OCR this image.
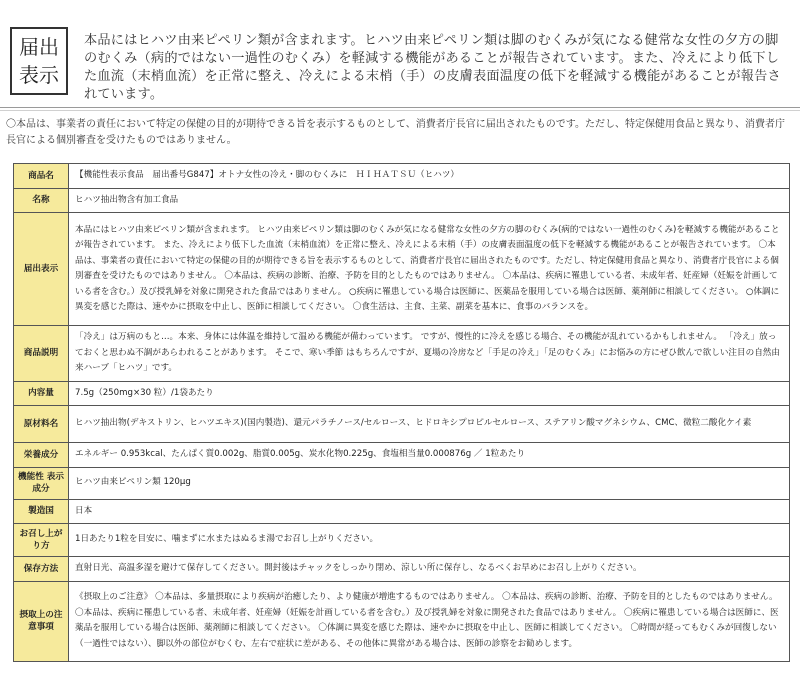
届出
表示
本品にはヒハツ由来ピペリン類が含まれます。ヒハツ由来ピペリン類は脚のむくみが気になる健常な女性の夕方の脚のむくみ（病的ではない一過性のむくみ）を軽減する機能があることが報告されています。また、冷えにより低下した血流（末梢血流）を正常に整え、冷えによる末梢（手）の皮膚表面温度の低下を軽減する機能があることが報告されています。
〇本品は、事業者の責任において特定の保健の目的が期待できる旨を表示するものとして、消費者庁長官に届出されたものです。ただし、特定保健用食品と異なり、消費者庁長官による個別審査を受けたものではありません。
商品名	【機能性表示食品　届出番号G847】オトナ女性の冷え・脚のむくみに　ＨＩＨＡＴＳＵ（ヒハツ）
名称	ヒハツ抽出物含有加工食品
届出表示	本品にはヒハツ由来ピペリン類が含まれます。 ヒハツ由来ピペリン類は脚のむくみが気になる健常な女性の夕方の脚のむくみ(病的ではない一過性のむくみ)を軽減する機能があることが報告されています。 また、冷えにより低下した血流（末梢血流）を正常に整え、冷えによる末梢（手）の皮膚表面温度の低下を軽減する機能があることが報告されています。 〇本品は、事業者の責任において特定の保健の目的が期待できる旨を表示するものとして、消費者庁長官に届出されたものです。ただし、特定保健用食品と異なり、消費者庁長官による個別審査を受けたものではありません。 〇本品は、疾病の診断、治療、予防を目的としたものではありません。 〇本品は、疾病に罹患している者、未成年者、妊産婦（妊娠を計画している者を含む。）及び授乳婦を対象に開発された食品ではありません。 ○疾病に罹患している場合は医師に、医薬品を服用している場合は医師、薬剤師に相談してください。 ○体調に異変を感じた際は、速やかに摂取を中止し、医師に相談してください。 〇食生活は、主食、主菜、副菜を基本に、食事のバランスを。
商品説明	「冷え」は万病のもと…。本来、身体には体温を維持して温める機能が備わっています。 ですが、慢性的に冷えを感じる場合、その機能が乱れているかもしれません。 「冷え」放っておくと思わぬ不調があらわれることがあります。 そこで、寒い季節 はもちろんですが、夏場の冷房など「手足の冷え」「足のむくみ」にお悩みの方にぜひ飲んで欲しい注目の自然由来ハーブ「ヒハツ」です。
内容量	7.5g（250mg×30 粒）/1袋あたり
原材料名	ヒハツ抽出物(デキストリン、ヒハツエキス)(国内製造)、還元パラチノース/セルロース、ヒドロキシプロピルセルロース、ステアリン酸マグネシウム、CMC、微粒二酸化ケイ素
栄養成分	エネルギー 0.953kcal、たんぱく質0.002g、脂質0.005g、炭水化物0.225g、食塩相当量0.000876g ／ 1粒あたり
機能性 表示成分	ヒハツ由来ピペリン類 120μg
製造国	日本
お召し上がり方	1日あたり1粒を目安に、噛まずに水またはぬるま湯でお召し上がりください。
保存方法	直射日光、高温多湿を避けて保存してください。開封後はチャックをしっかり閉め、涼しい所に保存し、なるべくお早めにお召し上がりください。
摂取上の注意事項	《摂取上のご注意》 〇本品は、多量摂取により疾病が治癒したり、より健康が増進するものではありません。 〇本品は、疾病の診断、治療、予防を目的としたものではありません。 〇本品は、疾病に罹患している者、未成年者、妊産婦（妊娠を計画している者を含む。）及び授乳婦を対象に開発された食品ではありません。 〇疾病に罹患している場合は医師に、医薬品を服用している場合は医師、薬剤師に相談してください。 〇体調に異変を感じた際は、速やかに摂取を中止し、医師に相談してください。 〇時間が経ってもむくみが回復しない（一過性ではない）、脚以外の部位がむくむ、左右で症状に差がある、その他体に異常がある場合は、医師の診察をお勧めします。
